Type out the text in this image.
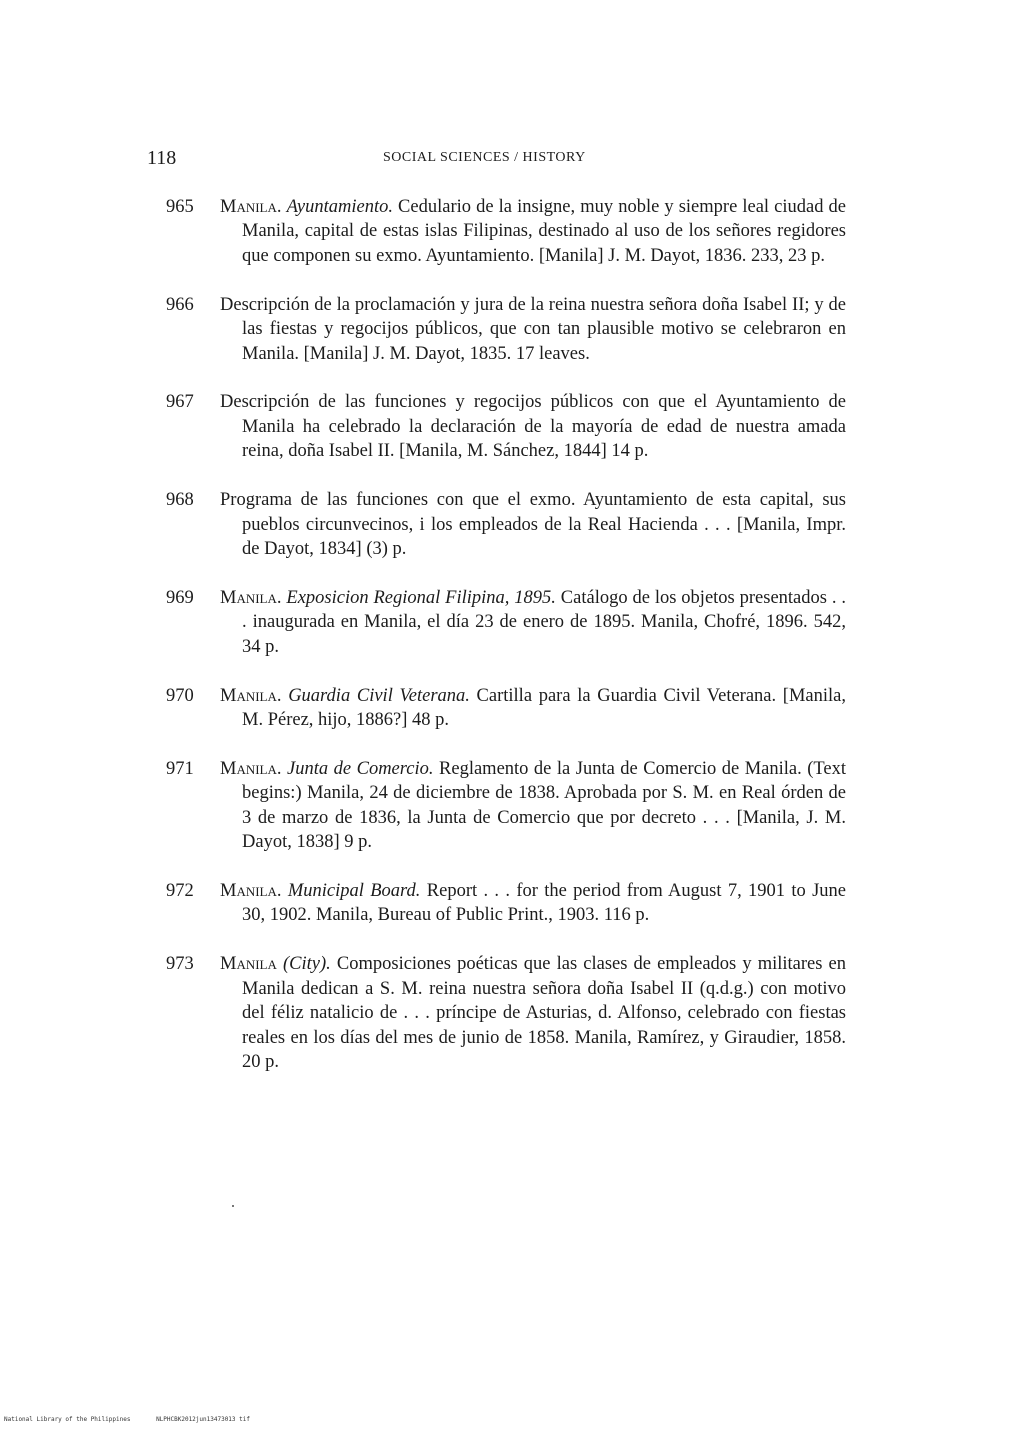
118	SOCIAL SCIENCES / HISTORY
965 Manila. Ayuntamiento. Cedulario de la insigne, muy noble y siempre leal ciudad de Manila, capital de estas islas Filipinas, destinado al uso de los señores regidores que componen su exmo. Ayuntamiento. [Manila] J. M. Dayot, 1836. 233, 23 p.
966 Descripción de la proclamación y jura de la reina nuestra señora doña Isabel II; y de las fiestas y regocijos públicos, que con tan plausible motivo se celebraron en Manila. [Manila] J. M. Dayot, 1835. 17 leaves.
967 Descripción de las funciones y regocijos públicos con que el Ayuntamiento de Manila ha celebrado la declaración de la mayoría de edad de nuestra amada reina, doña Isabel II. [Manila, M. Sánchez, 1844] 14 p.
968 Programa de las funciones con que el exmo. Ayuntamiento de esta capital, sus pueblos circunvecinos, i los empleados de la Real Hacienda . . . [Manila, Impr. de Dayot, 1834] (3) p.
969 Manila. Exposicion Regional Filipina, 1895. Catálogo de los objetos presentados . . . inaugurada en Manila, el día 23 de enero de 1895. Manila, Chofré, 1896. 542, 34 p.
970 Manila. Guardia Civil Veterana. Cartilla para la Guardia Civil Veterana. [Manila, M. Pérez, hijo, 1886?] 48 p.
971 Manila. Junta de Comercio. Reglamento de la Junta de Comercio de Manila. (Text begins:) Manila, 24 de diciembre de 1838. Aprobada por S. M. en Real órden de 3 de marzo de 1836, la Junta de Comercio que por decreto . . . [Manila, J. M. Dayot, 1838] 9 p.
972 Manila. Municipal Board. Report . . . for the period from August 7, 1901 to June 30, 1902. Manila, Bureau of Public Print., 1903. 116 p.
973 Manila (City). Composiciones poéticas que las clases de empleados y militares en Manila dedican a S. M. reina nuestra señora doña Isabel II (q.d.g.) con motivo del féliz natalicio de . . . príncipe de Asturias, d. Alfonso, celebrado con fiestas reales en los días del mes de junio de 1858. Manila, Ramírez, y Giraudier, 1858. 20 p.
National Library of the Philippines	NLPHCBK2012jun13473013 tif
